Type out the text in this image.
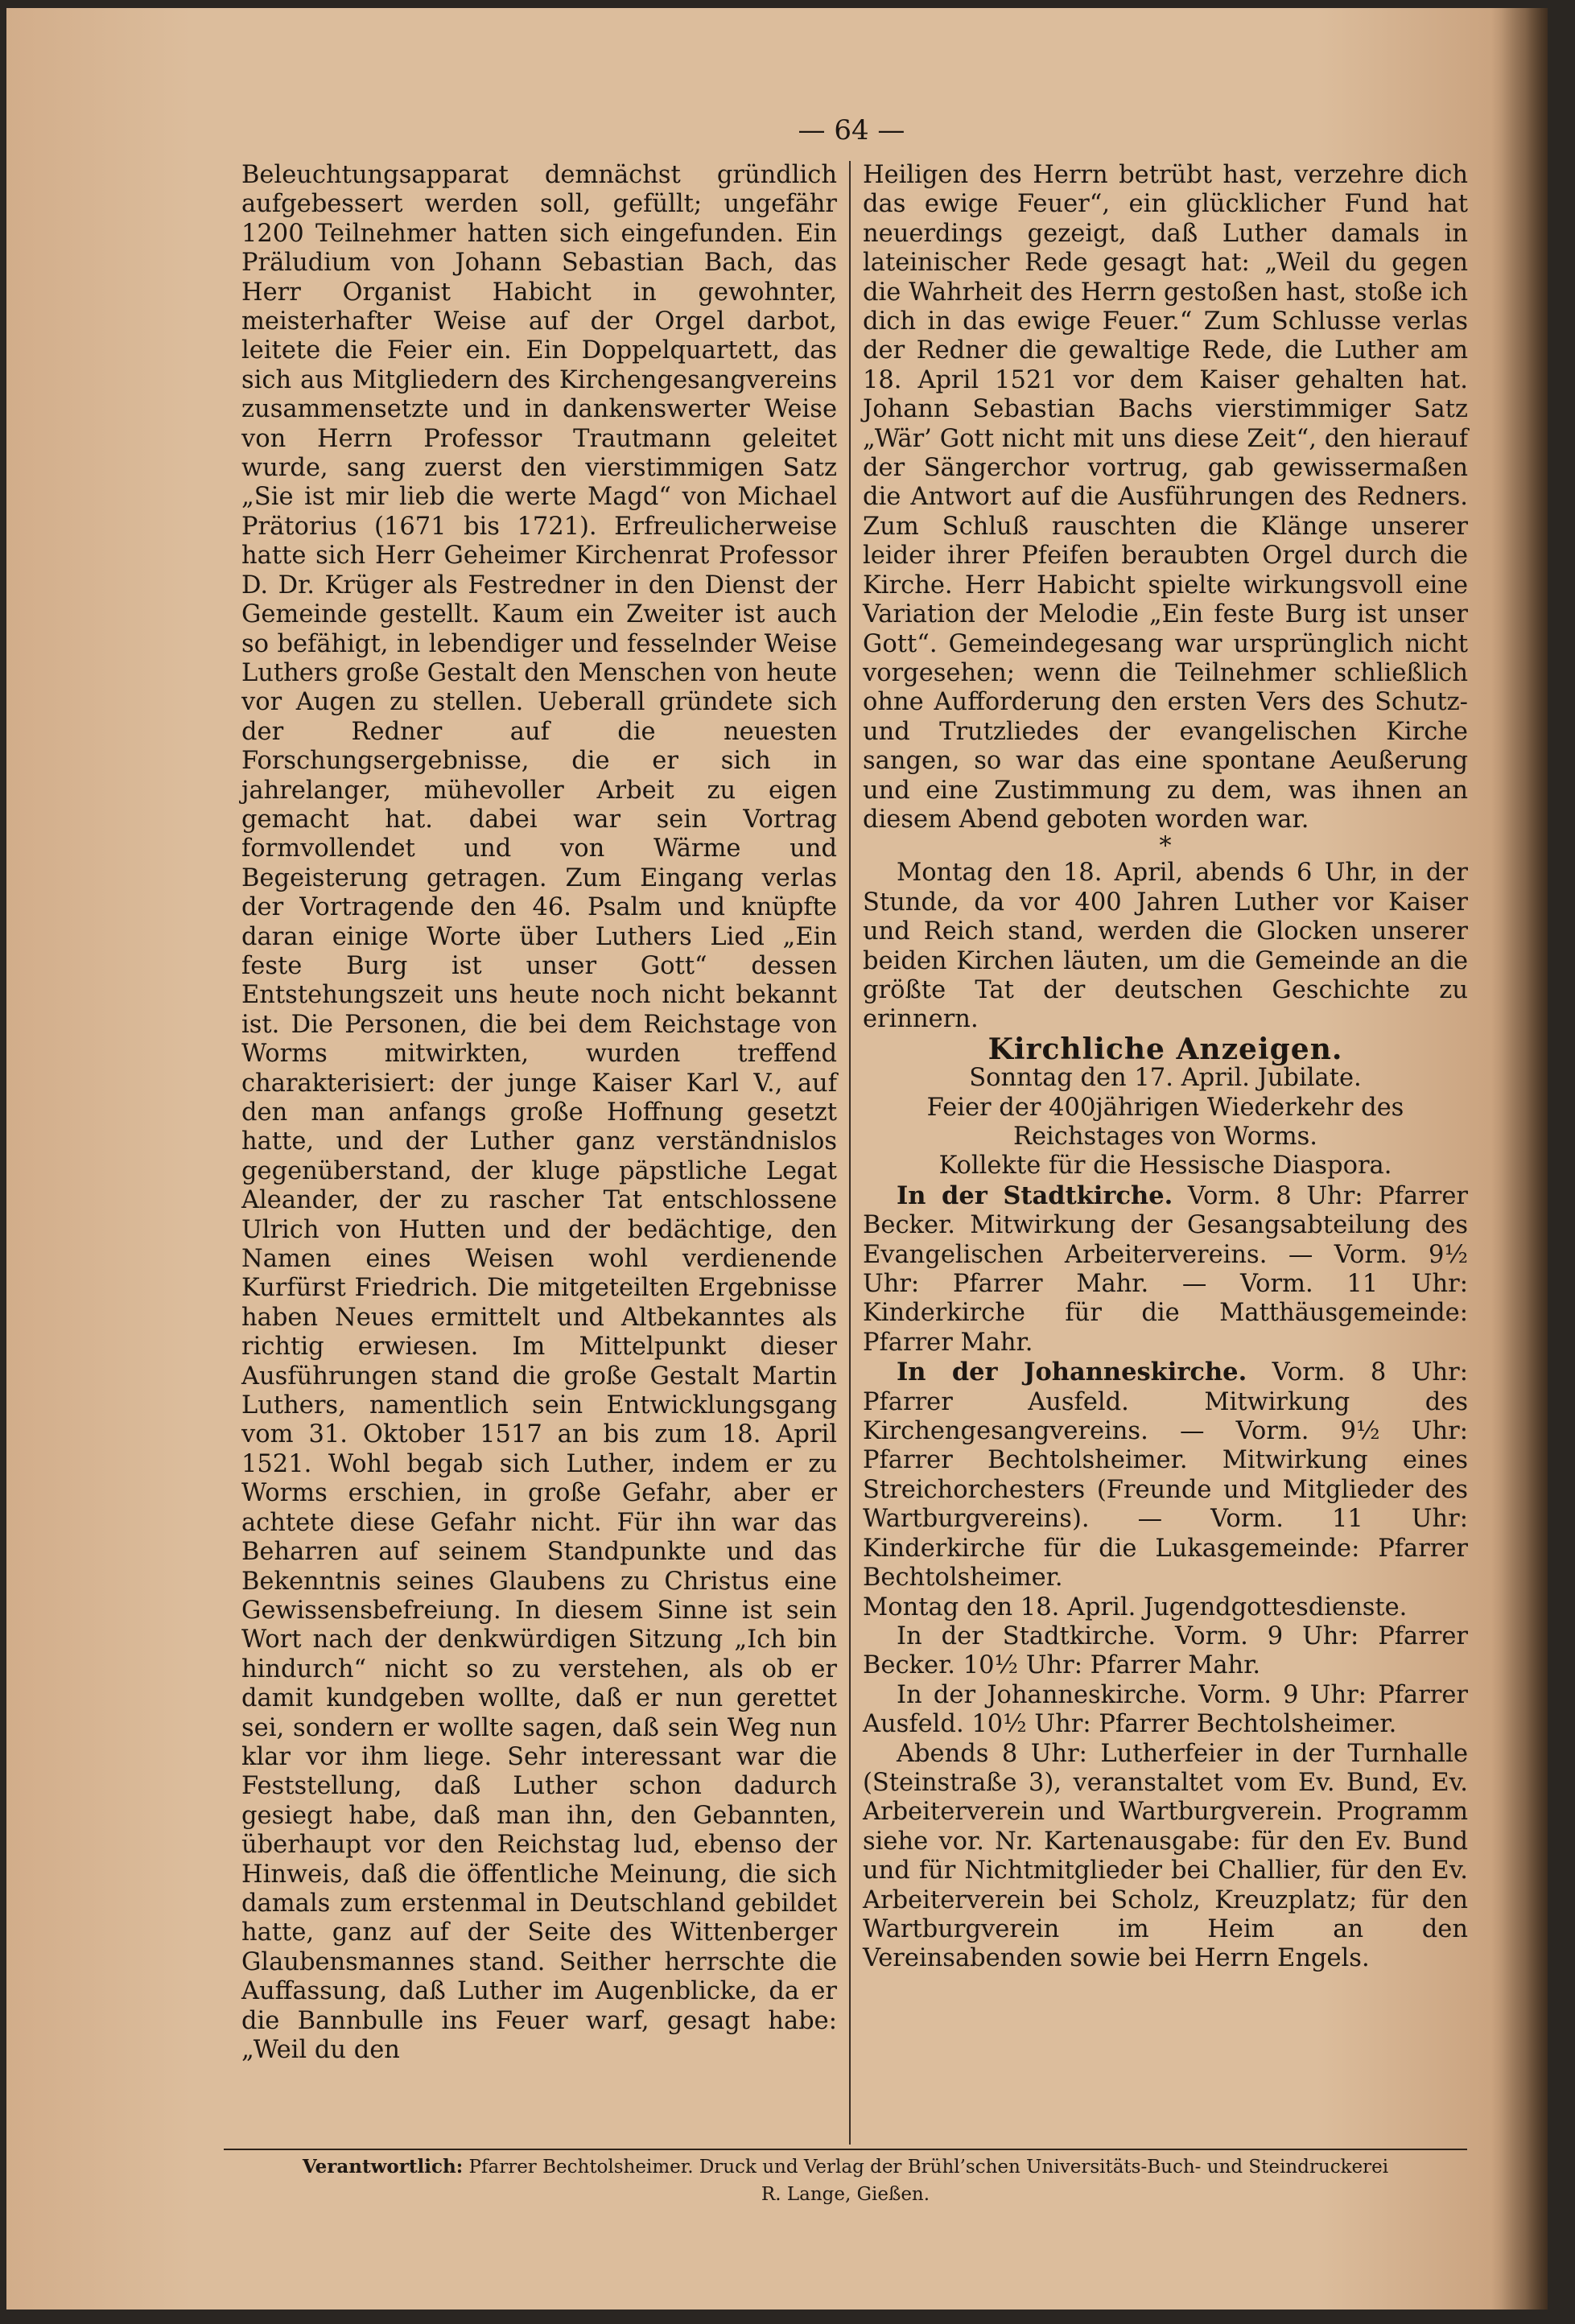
— 64 —

Beleuchtungsapparat demnächst gründlich aufgebessert werden soll, gefüllt; ungefähr 1200 Teilnehmer hatten sich eingefunden. Ein Präludium von Johann Sebastian Bach, das Herr Organist Habicht in gewohnter, meisterhafter Weise auf der Orgel darbot, leitete die Feier ein. Ein Doppelquartett, das sich aus Mitgliedern des Kirchengesangvereins zusammensetzte und in dankenswerter Weise von Herrn Professor Trautmann geleitet wurde, sang zuerst den vierstimmigen Satz „Sie ist mir lieb die werte Magd“ von Michael Prätorius (1671 bis 1721). Erfreulicherweise hatte sich Herr Geheimer Kirchenrat Professor D. Dr. Krüger als Festredner in den Dienst der Gemeinde gestellt. Kaum ein Zweiter ist auch so befähigt, in lebendiger und fesselnder Weise Luthers große Gestalt den Menschen von heute vor Augen zu stellen. Ueberall gründete sich der Redner auf die neuesten Forschungsergebnisse, die er sich in jahrelanger, mühevoller Arbeit zu eigen gemacht hat. dabei war sein Vortrag formvollendet und von Wärme und Begeisterung getragen. Zum Eingang verlas der Vortragende den 46. Psalm und knüpfte daran einige Worte über Luthers Lied „Ein feste Burg ist unser Gott“ dessen Entstehungszeit uns heute noch nicht bekannt ist. Die Personen, die bei dem Reichstage von Worms mitwirkten, wurden treffend charakterisiert: der junge Kaiser Karl V., auf den man anfangs große Hoffnung gesetzt hatte, und der Luther ganz verständnislos gegenüberstand, der kluge päpstliche Legat Aleander, der zu rascher Tat entschlossene Ulrich von Hutten und der bedächtige, den Namen eines Weisen wohl verdienende Kurfürst Friedrich. Die mitgeteilten Ergebnisse haben Neues ermittelt und Altbekanntes als richtig erwiesen. Im Mittelpunkt dieser Ausführungen stand die große Gestalt Martin Luthers, namentlich sein Entwicklungsgang vom 31. Oktober 1517 an bis zum 18. April 1521. Wohl begab sich Luther, indem er zu Worms erschien, in große Gefahr, aber er achtete diese Gefahr nicht. Für ihn war das Beharren auf seinem Standpunkte und das Bekenntnis seines Glaubens zu Christus eine Gewissensbefreiung. In diesem Sinne ist sein Wort nach der denkwürdigen Sitzung „Ich bin hindurch“ nicht so zu verstehen, als ob er damit kundgeben wollte, daß er nun gerettet sei, sondern er wollte sagen, daß sein Weg nun klar vor ihm liege. Sehr interessant war die Feststellung, daß Luther schon dadurch gesiegt habe, daß man ihn, den Gebannten, überhaupt vor den Reichstag lud, ebenso der Hinweis, daß die öffentliche Meinung, die sich damals zum erstenmal in Deutschland gebildet hatte, ganz auf der Seite des Wittenberger Glaubensmannes stand. Seither herrschte die Auffassung, daß Luther im Augenblicke, da er die Bannbulle ins Feuer warf, gesagt habe: „Weil du den

Heiligen des Herrn betrübt hast, verzehre dich das ewige Feuer“, ein glücklicher Fund hat neuerdings gezeigt, daß Luther damals in lateinischer Rede gesagt hat: „Weil du gegen die Wahrheit des Herrn gestoßen hast, stoße ich dich in das ewige Feuer.“ Zum Schlusse verlas der Redner die gewaltige Rede, die Luther am 18. April 1521 vor dem Kaiser gehalten hat. Johann Sebastian Bachs vierstimmiger Satz „Wär’ Gott nicht mit uns diese Zeit“, den hierauf der Sängerchor vortrug, gab gewissermaßen die Antwort auf die Ausführungen des Redners. Zum Schluß rauschten die Klänge unserer leider ihrer Pfeifen beraubten Orgel durch die Kirche. Herr Habicht spielte wirkungsvoll eine Variation der Melodie „Ein feste Burg ist unser Gott“. Gemeindegesang war ursprünglich nicht vorgesehen; wenn die Teilnehmer schließlich ohne Aufforderung den ersten Vers des Schutz- und Trutzliedes der evangelischen Kirche sangen, so war das eine spontane Aeußerung und eine Zustimmung zu dem, was ihnen an diesem Abend geboten worden war.

*

Montag den 18. April, abends 6 Uhr, in der Stunde, da vor 400 Jahren Luther vor Kaiser und Reich stand, werden die Glocken unserer beiden Kirchen läuten, um die Gemeinde an die größte Tat der deutschen Geschichte zu erinnern.

Kirchliche Anzeigen.

Sonntag den 17. April. Jubilate.

Feier der 400jährigen Wiederkehr des Reichstages von Worms.

Kollekte für die Hessische Diaspora.

In der Stadtkirche. Vorm. 8 Uhr: Pfarrer Becker. Mitwirkung der Gesangsabteilung des Evangelischen Arbeitervereins. — Vorm. 9½ Uhr: Pfarrer Mahr. — Vorm. 11 Uhr: Kinderkirche für die Matthäusgemeinde: Pfarrer Mahr.

In der Johanneskirche. Vorm. 8 Uhr: Pfarrer Ausfeld. Mitwirkung des Kirchengesangvereins. — Vorm. 9½ Uhr: Pfarrer Bechtolsheimer. Mitwirkung eines Streichorchesters (Freunde und Mitglieder des Wartburgvereins). — Vorm. 11 Uhr: Kinderkirche für die Lukasgemeinde: Pfarrer Bechtolsheimer.

Montag den 18. April. Jugendgottesdienste.

In der Stadtkirche. Vorm. 9 Uhr: Pfarrer Becker. 10½ Uhr: Pfarrer Mahr.

In der Johanneskirche. Vorm. 9 Uhr: Pfarrer Ausfeld. 10½ Uhr: Pfarrer Bechtolsheimer.

Abends 8 Uhr: Lutherfeier in der Turnhalle (Steinstraße 3), veranstaltet vom Ev. Bund, Ev. Arbeiterverein und Wartburgverein. Programm siehe vor. Nr. Kartenausgabe: für den Ev. Bund und für Nichtmitglieder bei Challier, für den Ev. Arbeiterverein bei Scholz, Kreuzplatz; für den Wartburgverein im Heim an den Vereinsabenden sowie bei Herrn Engels.

Verantwortlich: Pfarrer Bechtolsheimer. Druck und Verlag der Brühl’schen Universitäts-Buch- und Steindruckerei
R. Lange, Gießen.
